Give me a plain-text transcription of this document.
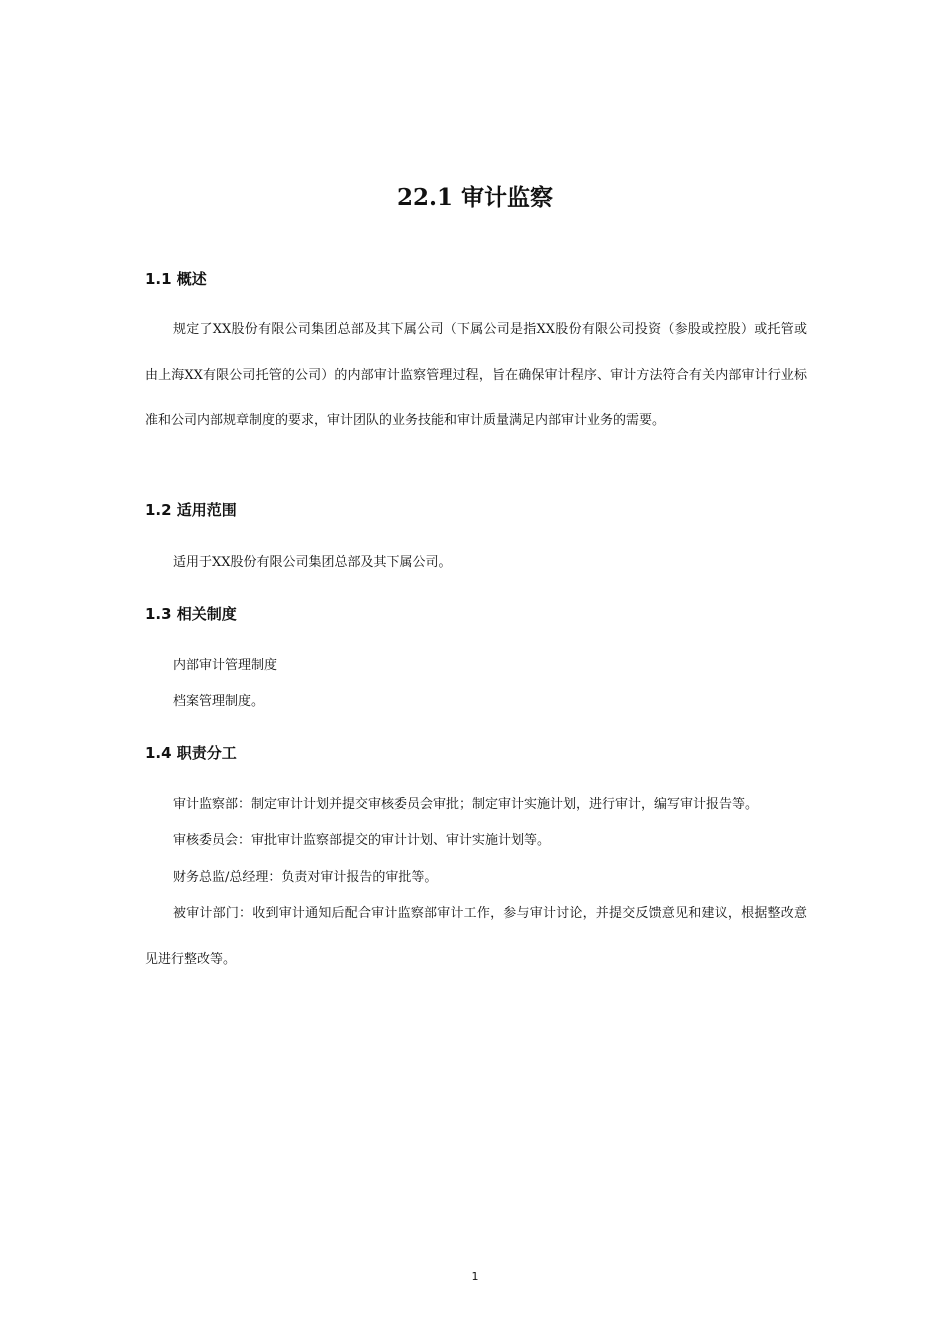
22.1 审计监察
1.1 概述

规定了XX股份有限公司集团总部及其下属公司（下属公司是指XX股份有限公司投资（参股或控股）或托管或由上海XX有限公司托管的公司）的内部审计监察管理过程，旨在确保审计程序、审计方法符合有关内部审计行业标准和公司内部规章制度的要求，审计团队的业务技能和审计质量满足内部审计业务的需要。

1.2 适用范围

适用于XX股份有限公司集团总部及其下属公司。

1.3 相关制度

内部审计管理制度

档案管理制度。

1.4 职责分工

审计监察部：制定审计计划并提交审核委员会审批；制定审计实施计划，进行审计，编写审计报告等。

审核委员会：审批审计监察部提交的审计计划、审计实施计划等。

财务总监/总经理：负责对审计报告的审批等。

被审计部门：收到审计通知后配合审计监察部审计工作，参与审计讨论，并提交反馈意见和建议，根据整改意见进行整改等。

1
